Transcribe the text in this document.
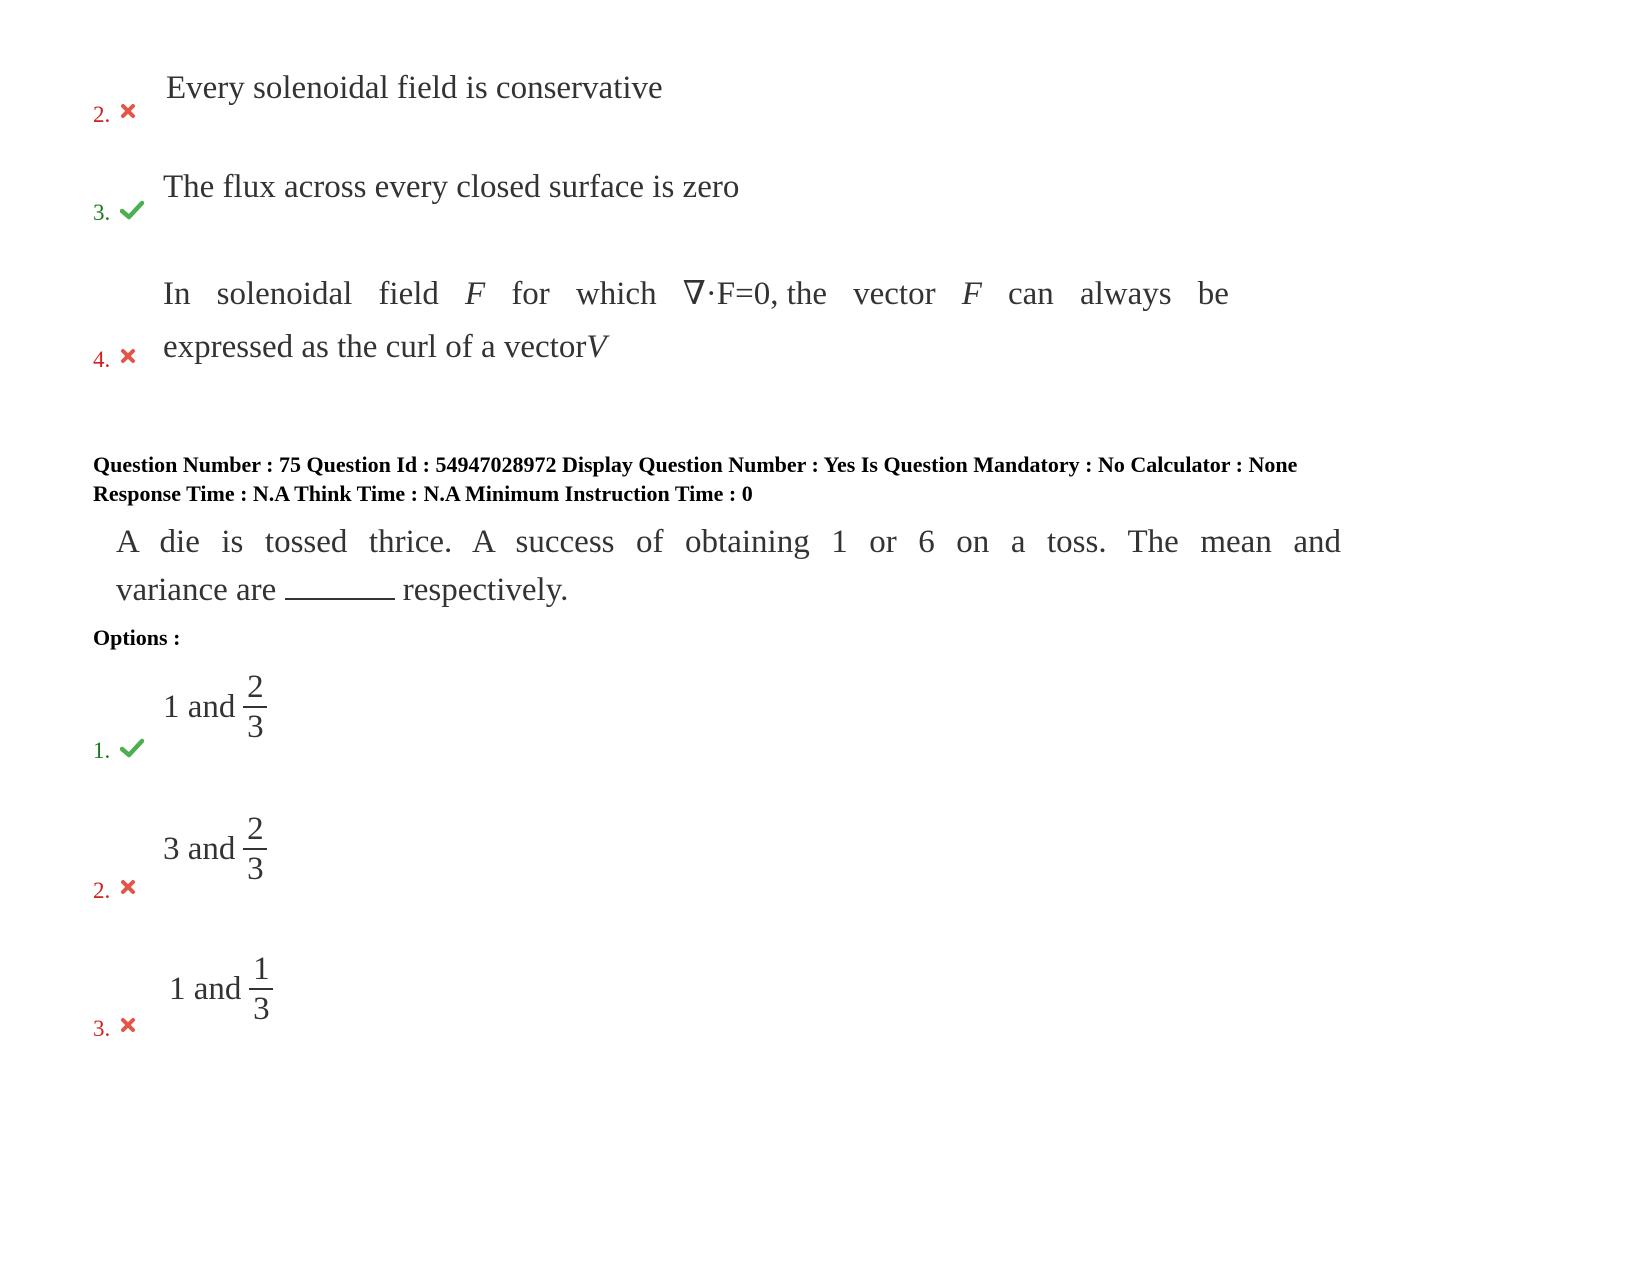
2.
Every solenoidal field is conservative
3.
The flux across every closed surface is zero
4.
In solenoidal field F for which ∇·F=0, the vector F can always be
expressed as the curl of a vectorV
Question Number : 75 Question Id : 54947028972 Display Question Number : Yes Is Question Mandatory : No Calculator : None
Response Time : N.A Think Time : N.A Minimum Instruction Time : 0
A die is tossed thrice. A success of obtaining 1 or 6 on a toss. The mean and
variance are	respectively.
Options :
1.
1 and $\frac{2}{3}$
2.
3 and $\frac{2}{3}$
3.
1 and $\frac{1}{3}$
